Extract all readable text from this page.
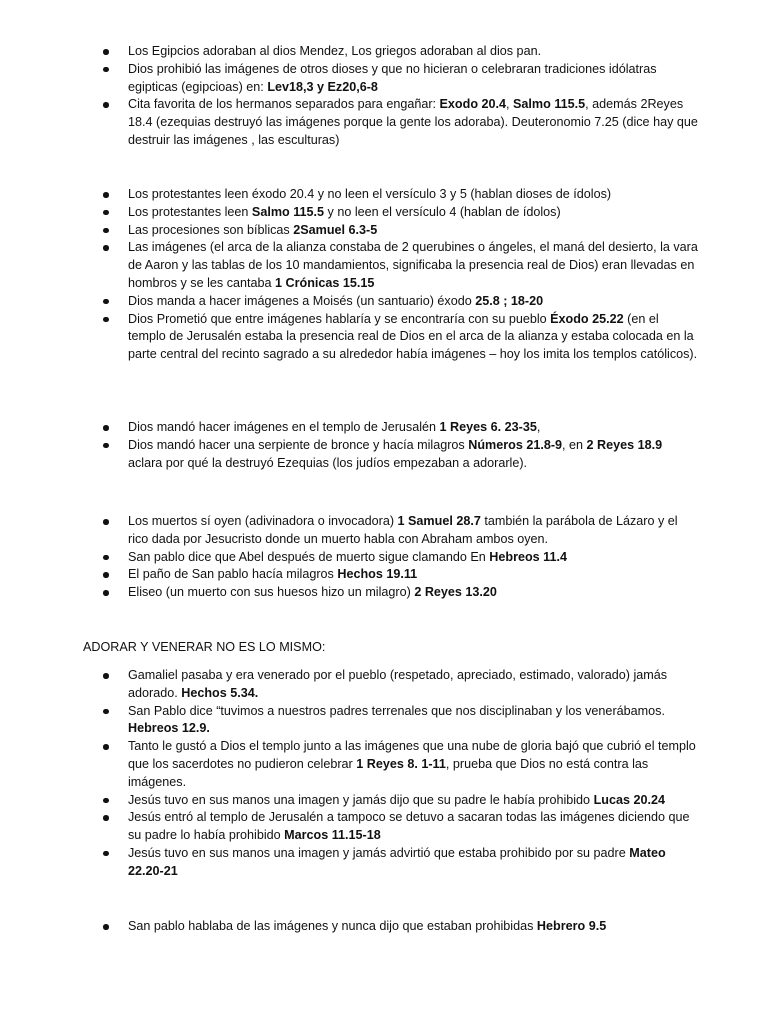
Los Egipcios adoraban al dios Mendez, Los griegos adoraban al dios pan.
Dios prohibió las imágenes de otros dioses y que no hicieran o celebraran tradiciones idólatras egipticas (egipcioas) en: Lev18,3 y Ez20,6-8
Cita favorita de los hermanos separados para engañar: Exodo 20.4, Salmo 115.5, además 2Reyes 18.4 (ezequias destruyó las imágenes porque la gente los adoraba). Deuteronomio 7.25 (dice hay que destruir las imágenes , las esculturas)
Los protestantes leen éxodo 20.4 y no leen el versículo 3 y 5 (hablan dioses de ídolos)
Los protestantes leen Salmo 115.5 y no leen el versículo 4 (hablan de ídolos)
Las procesiones son bíblicas 2Samuel 6.3-5
Las imágenes (el arca de la alianza constaba de 2 querubines o ángeles, el maná del desierto, la vara de Aaron y las tablas de los 10 mandamientos, significaba la presencia real de Dios) eran llevadas en hombros y se les cantaba 1 Crónicas 15.15
Dios manda a hacer imágenes a Moisés (un santuario) éxodo 25.8 ; 18-20
Dios Prometió que entre imágenes hablaría y se encontraría con su pueblo Éxodo 25.22 (en el templo de Jerusalén estaba la presencia real de Dios en el arca de la alianza y estaba colocada en la parte central del recinto sagrado a su alrededor había imágenes – hoy los imita los templos católicos).
Dios mandó hacer imágenes en el templo de Jerusalén 1 Reyes 6. 23-35,
Dios mandó hacer una serpiente de bronce y hacía milagros Números 21.8-9, en 2 Reyes 18.9 aclara por qué la destruyó Ezequias (los judíos empezaban a adorarle).
Los muertos sí oyen (adivinadora o invocadora) 1 Samuel 28.7 también la parábola de Lázaro y el rico dada por Jesucristo donde un muerto habla con Abraham ambos oyen.
San pablo dice que Abel después de muerto sigue clamando En Hebreos 11.4
El paño de San pablo hacía milagros Hechos 19.11
Eliseo (un muerto con sus huesos hizo un milagro) 2 Reyes 13.20

ADORAR Y VENERAR NO ES LO MISMO:

Gamaliel pasaba y era venerado por el pueblo (respetado, apreciado, estimado, valorado) jamás adorado. Hechos 5.34.
San Pablo dice “tuvimos a nuestros padres terrenales que nos disciplinaban y los venerábamos. Hebreos 12.9.
Tanto le gustó a Dios el templo junto a las imágenes que una nube de gloria bajó que cubrió el templo que los sacerdotes no pudieron celebrar 1 Reyes 8. 1-11, prueba que Dios no está contra las imágenes.
Jesús tuvo en sus manos una imagen y jamás dijo que su padre le había prohibido Lucas 20.24
Jesús entró al templo de Jerusalén a tampoco se detuvo a sacaran todas las imágenes diciendo que su padre lo había prohibido Marcos 11.15-18
Jesús tuvo en sus manos una imagen y jamás advirtió que estaba prohibido por su padre Mateo 22.20-21
San pablo hablaba de las imágenes y nunca dijo que estaban prohibidas Hebrero 9.5
